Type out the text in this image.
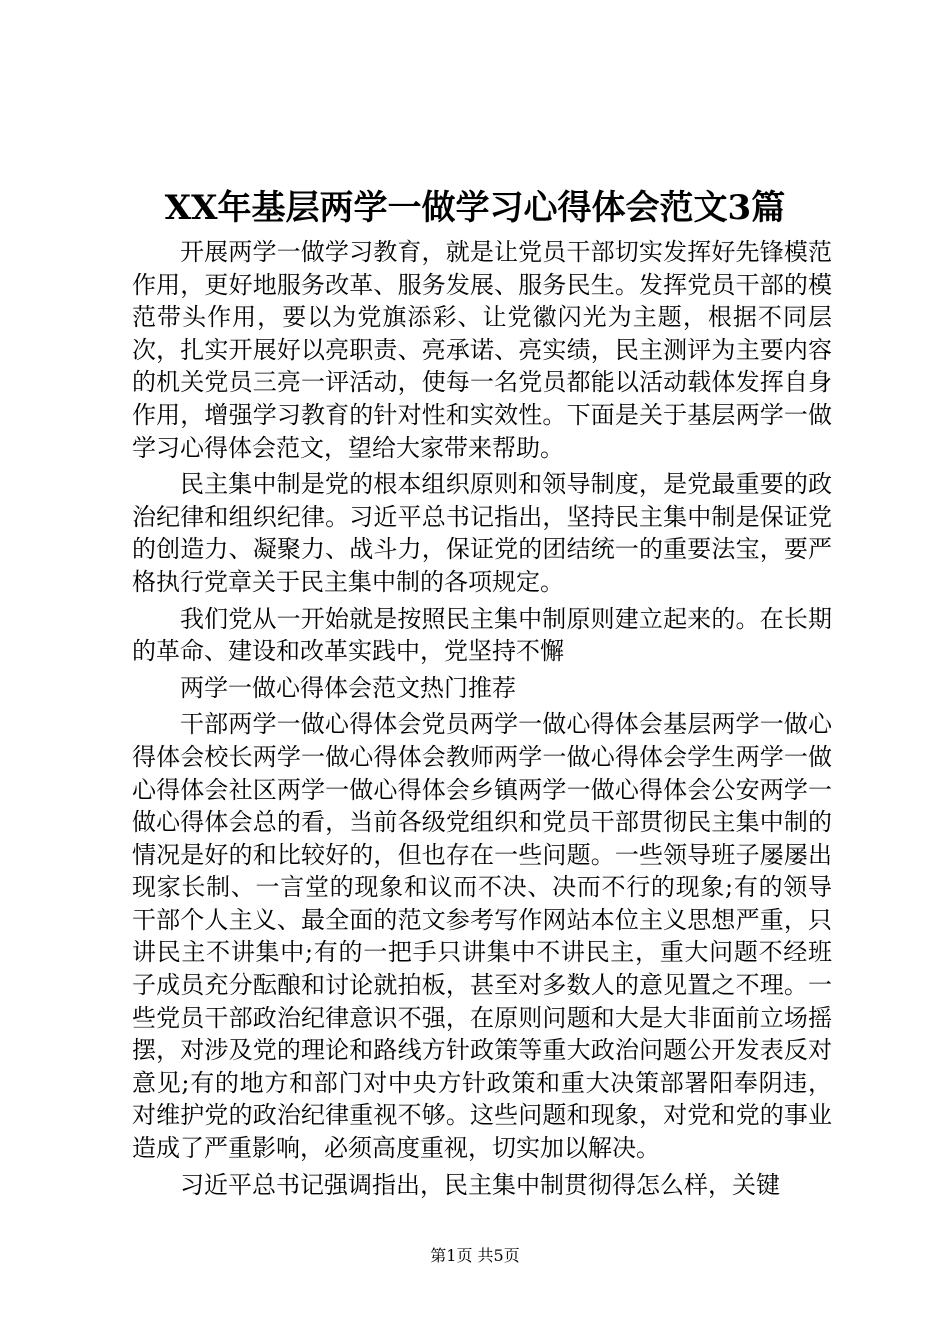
XX年基层两学一做学习心得体会范文3篇

开展两学一做学习教育，就是让党员干部切实发挥好先锋模范作用，更好地服务改革、服务发展、服务民生。发挥党员干部的模范带头作用，要以为党旗添彩、让党徽闪光为主题，根据不同层次，扎实开展好以亮职责、亮承诺、亮实绩，民主测评为主要内容的机关党员三亮一评活动，使每一名党员都能以活动载体发挥自身作用，增强学习教育的针对性和实效性。下面是关于基层两学一做学习心得体会范文，望给大家带来帮助。

民主集中制是党的根本组织原则和领导制度，是党最重要的政治纪律和组织纪律。习近平总书记指出，坚持民主集中制是保证党的创造力、凝聚力、战斗力，保证党的团结统一的重要法宝，要严格执行党章关于民主集中制的各项规定。

我们党从一开始就是按照民主集中制原则建立起来的。在长期的革命、建设和改革实践中，党坚持不懈

两学一做心得体会范文热门推荐

干部两学一做心得体会党员两学一做心得体会基层两学一做心得体会校长两学一做心得体会教师两学一做心得体会学生两学一做心得体会社区两学一做心得体会乡镇两学一做心得体会公安两学一做心得体会总的看，当前各级党组织和党员干部贯彻民主集中制的情况是好的和比较好的，但也存在一些问题。一些领导班子屡屡出现家长制、一言堂的现象和议而不决、决而不行的现象;有的领导干部个人主义、最全面的范文参考写作网站本位主义思想严重，只讲民主不讲集中;有的一把手只讲集中不讲民主，重大问题不经班子成员充分酝酿和讨论就拍板，甚至对多数人的意见置之不理。一些党员干部政治纪律意识不强，在原则问题和大是大非面前立场摇摆，对涉及党的理论和路线方针政策等重大政治问题公开发表反对意见;有的地方和部门对中央方针政策和重大决策部署阳奉阴违，对维护党的政治纪律重视不够。这些问题和现象，对党和党的事业造成了严重影响，必须高度重视，切实加以解决。

习近平总书记强调指出，民主集中制贯彻得怎么样，关键

第1页 共5页
